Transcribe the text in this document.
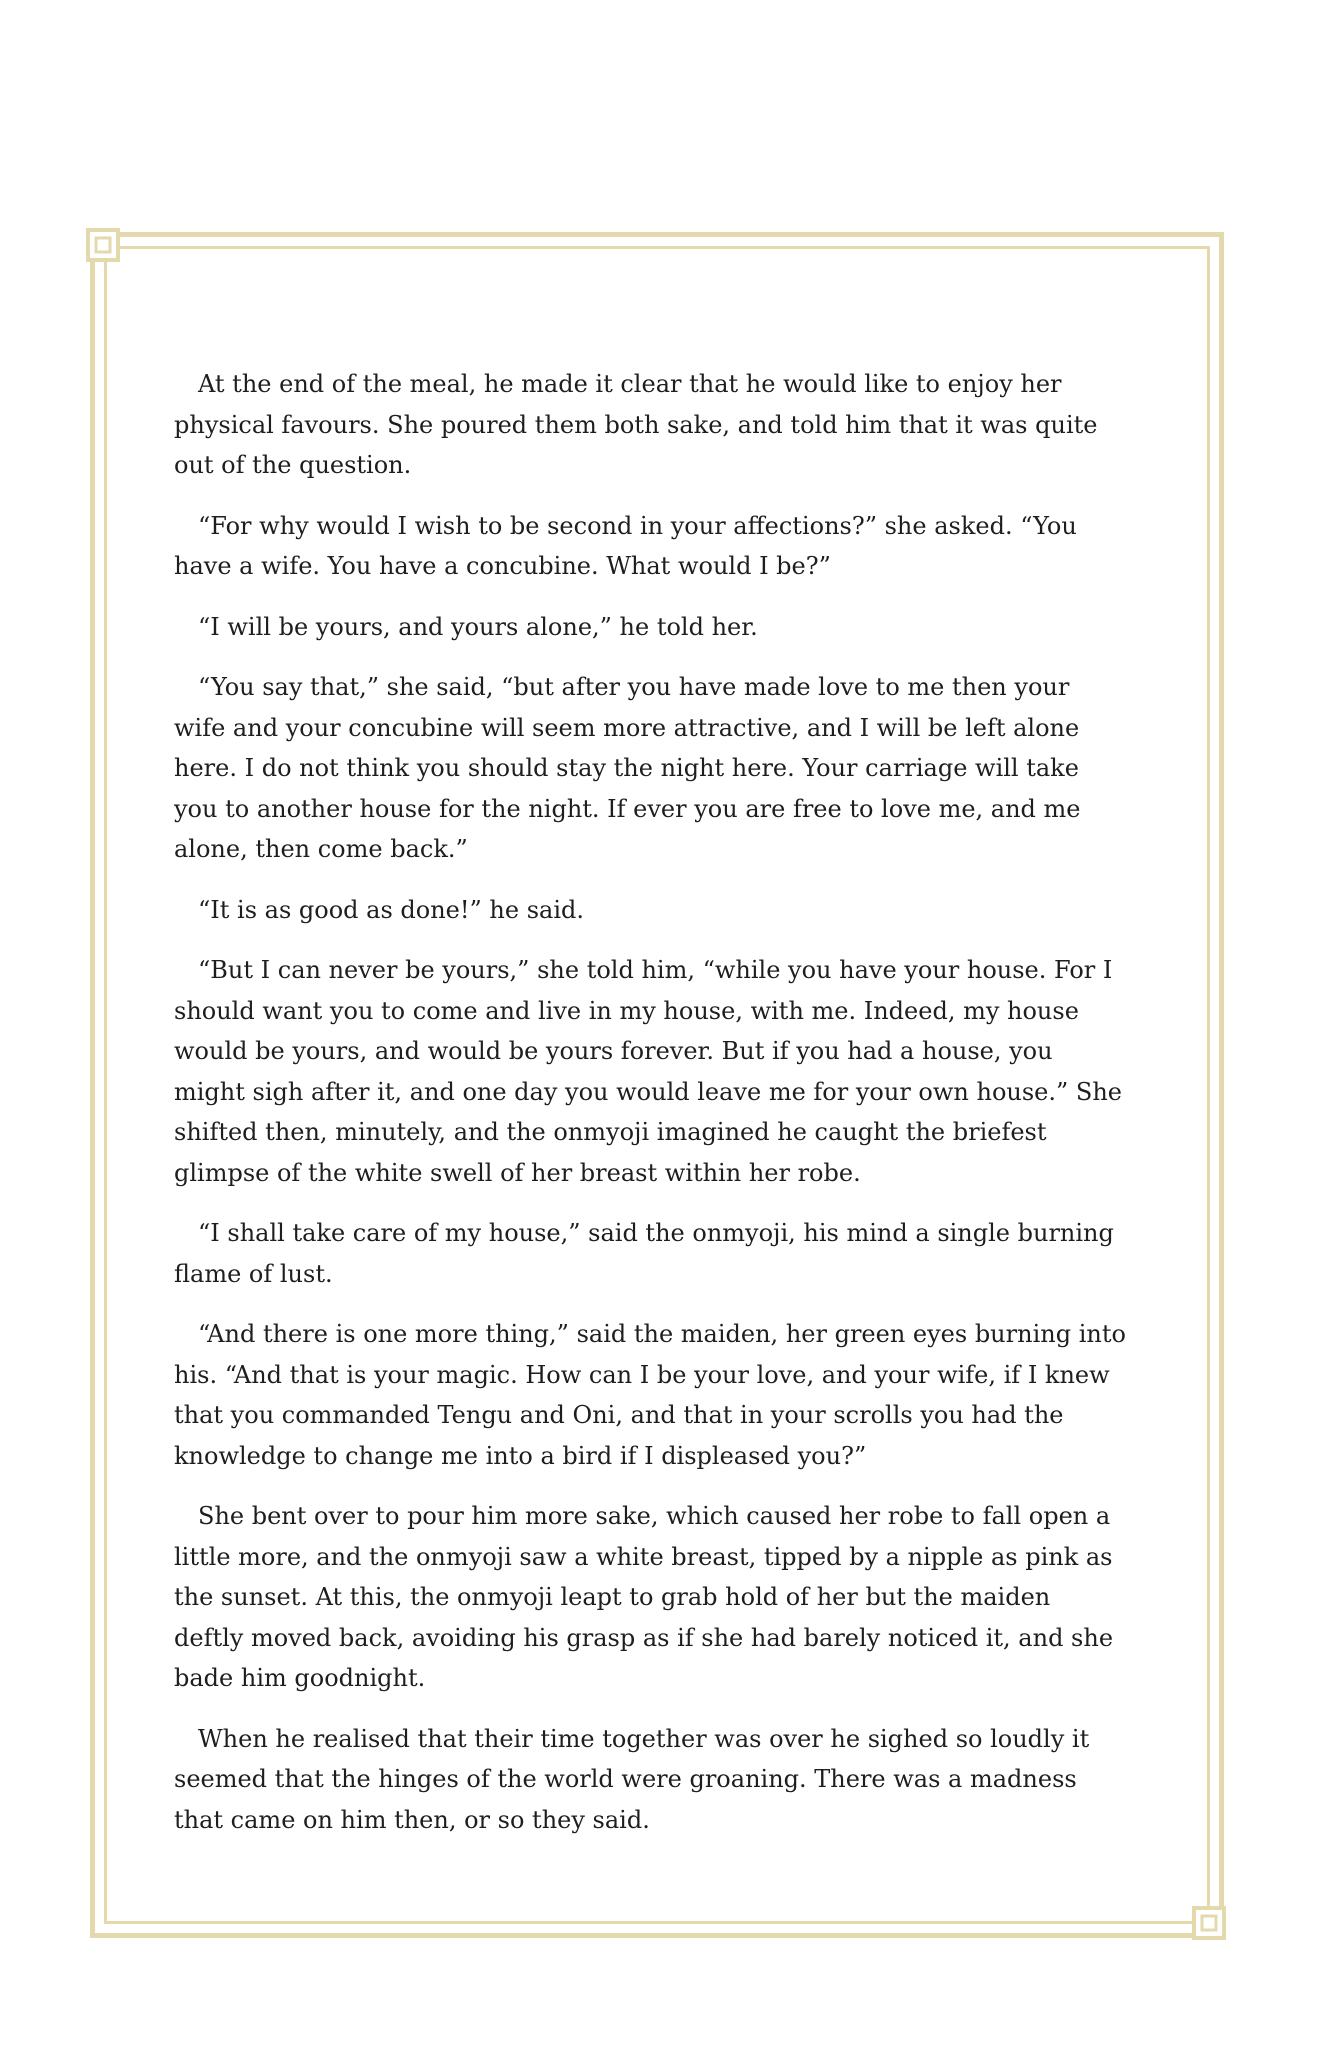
At the end of the meal, he made it clear that he would like to enjoy her physical favours. She poured them both sake, and told him that it was quite out of the question.

“For why would I wish to be second in your affections?” she asked. “You have a wife. You have a concubine. What would I be?”

“I will be yours, and yours alone,” he told her.

“You say that,” she said, “but after you have made love to me then your wife and your concubine will seem more attractive, and I will be left alone here. I do not think you should stay the night here. Your carriage will take you to another house for the night. If ever you are free to love me, and me alone, then come back.”

“It is as good as done!” he said.

“But I can never be yours,” she told him, “while you have your house. For I should want you to come and live in my house, with me. Indeed, my house would be yours, and would be yours forever. But if you had a house, you might sigh after it, and one day you would leave me for your own house.” She shifted then, minutely, and the onmyoji imagined he caught the briefest glimpse of the white swell of her breast within her robe.

“I shall take care of my house,” said the onmyoji, his mind a single burning flame of lust.

“And there is one more thing,” said the maiden, her green eyes burning into his. “And that is your magic. How can I be your love, and your wife, if I knew that you commanded Tengu and Oni, and that in your scrolls you had the knowledge to change me into a bird if I displeased you?”

She bent over to pour him more sake, which caused her robe to fall open a little more, and the onmyoji saw a white breast, tipped by a nipple as pink as the sunset. At this, the onmyoji leapt to grab hold of her but the maiden deftly moved back, avoiding his grasp as if she had barely noticed it, and she bade him goodnight.

When he realised that their time together was over he sighed so loudly it seemed that the hinges of the world were groaning. There was a madness that came on him then, or so they said.
